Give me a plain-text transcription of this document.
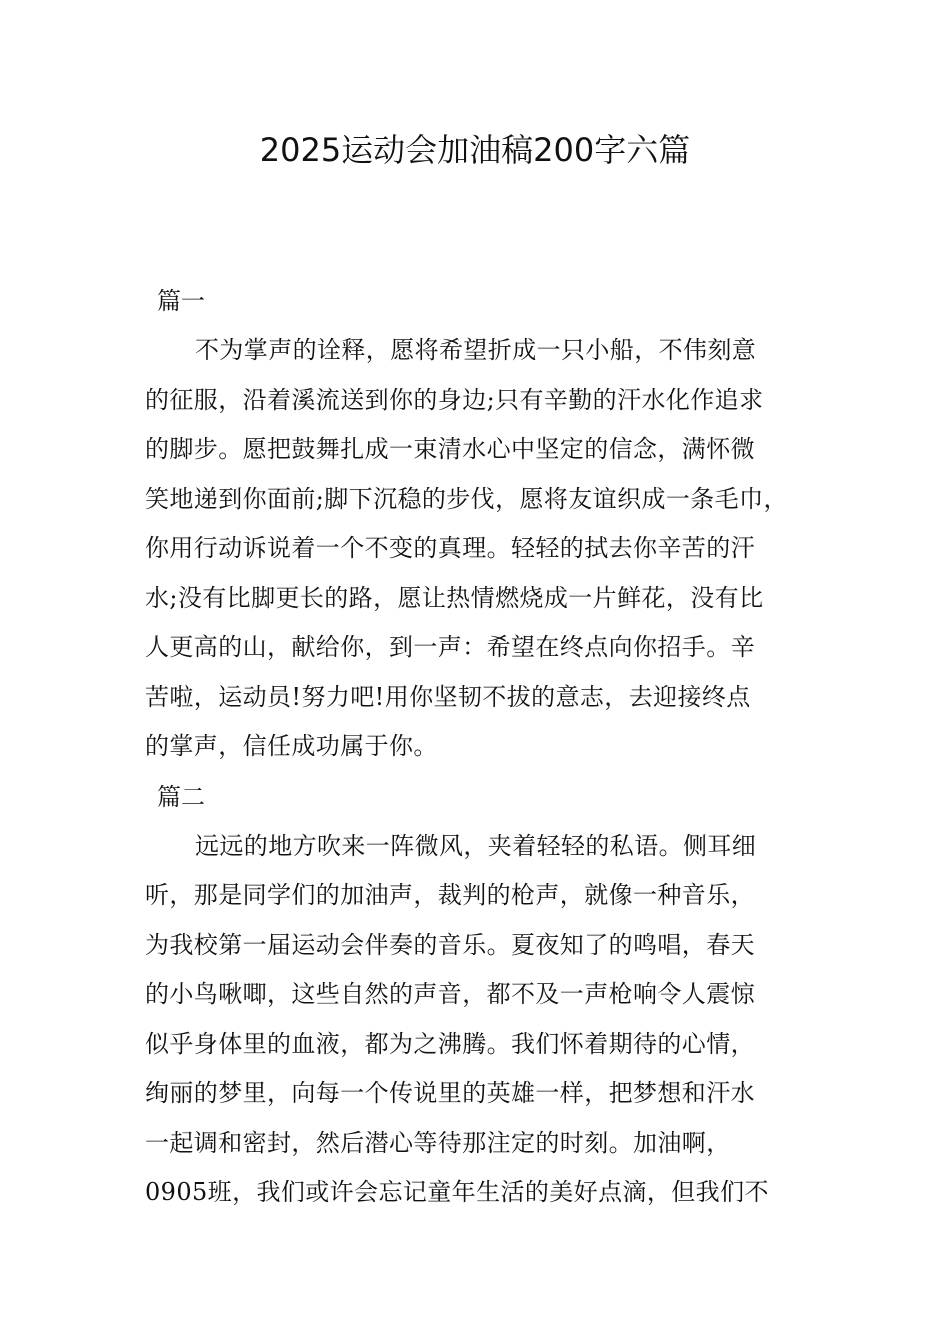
2025运动会加油稿200字六篇
篇一
不为掌声的诠释，愿将希望折成一只小船，不伟刻意
的征服，沿着溪流送到你的身边;只有辛勤的汗水化作追求
的脚步。愿把鼓舞扎成一束清水心中坚定的信念，满怀微
笑地递到你面前;脚下沉稳的步伐，愿将友谊织成一条毛巾，
你用行动诉说着一个不变的真理。轻轻的拭去你辛苦的汗
水;没有比脚更长的路，愿让热情燃烧成一片鲜花，没有比
人更高的山，献给你，到一声：希望在终点向你招手。辛
苦啦，运动员!努力吧!用你坚韧不拔的意志，去迎接终点
的掌声，信任成功属于你。
篇二
远远的地方吹来一阵微风，夹着轻轻的私语。侧耳细
听，那是同学们的加油声，裁判的枪声，就像一种音乐，
为我校第一届运动会伴奏的音乐。夏夜知了的鸣唱，春天
的小鸟啾唧，这些自然的声音，都不及一声枪响令人震惊
似乎身体里的血液，都为之沸腾。我们怀着期待的心情，
绚丽的梦里，向每一个传说里的英雄一样，把梦想和汗水
一起调和密封，然后潜心等待那注定的时刻。加油啊，
0905班，我们或许会忘记童年生活的美好点滴，但我们不
